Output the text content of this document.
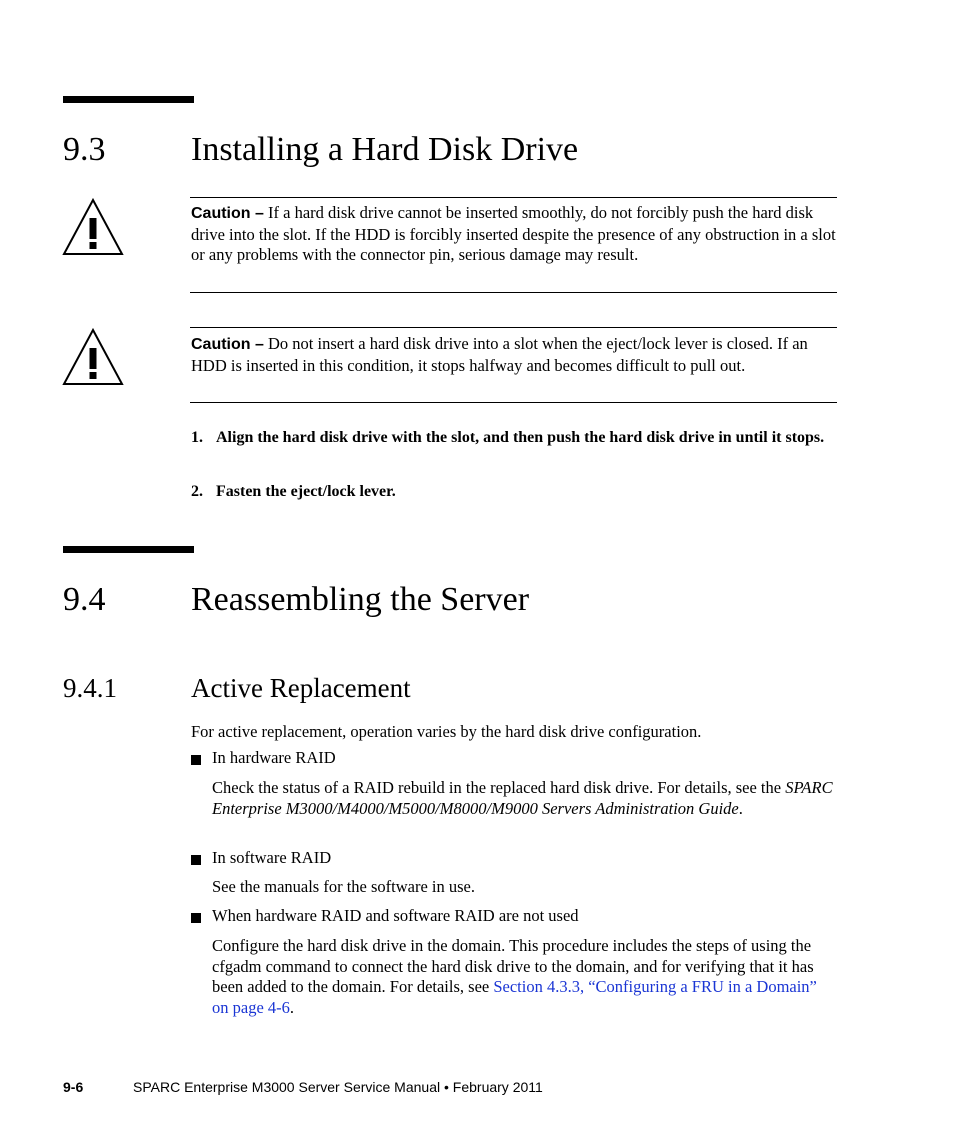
9.3	Installing a Hard Disk Drive
Caution – If a hard disk drive cannot be inserted smoothly, do not forcibly push the hard disk drive into the slot. If the HDD is forcibly inserted despite the presence of any obstruction in a slot or any problems with the connector pin, serious damage may result.
Caution – Do not insert a hard disk drive into a slot when the eject/lock lever is closed. If an HDD is inserted in this condition, it stops halfway and becomes difficult to pull out.
1. Align the hard disk drive with the slot, and then push the hard disk drive in until it stops.
2. Fasten the eject/lock lever.
9.4	Reassembling the Server
9.4.1	Active Replacement
For active replacement, operation varies by the hard disk drive configuration.
In hardware RAID
Check the status of a RAID rebuild in the replaced hard disk drive. For details, see the SPARC Enterprise M3000/M4000/M5000/M8000/M9000 Servers Administration Guide.
In software RAID
See the manuals for the software in use.
When hardware RAID and software RAID are not used
Configure the hard disk drive in the domain. This procedure includes the steps of using the cfgadm command to connect the hard disk drive to the domain, and for verifying that it has been added to the domain. For details, see Section 4.3.3, “Configuring a FRU in a Domain” on page 4-6.
9-6	SPARC Enterprise M3000 Server Service Manual • February 2011
